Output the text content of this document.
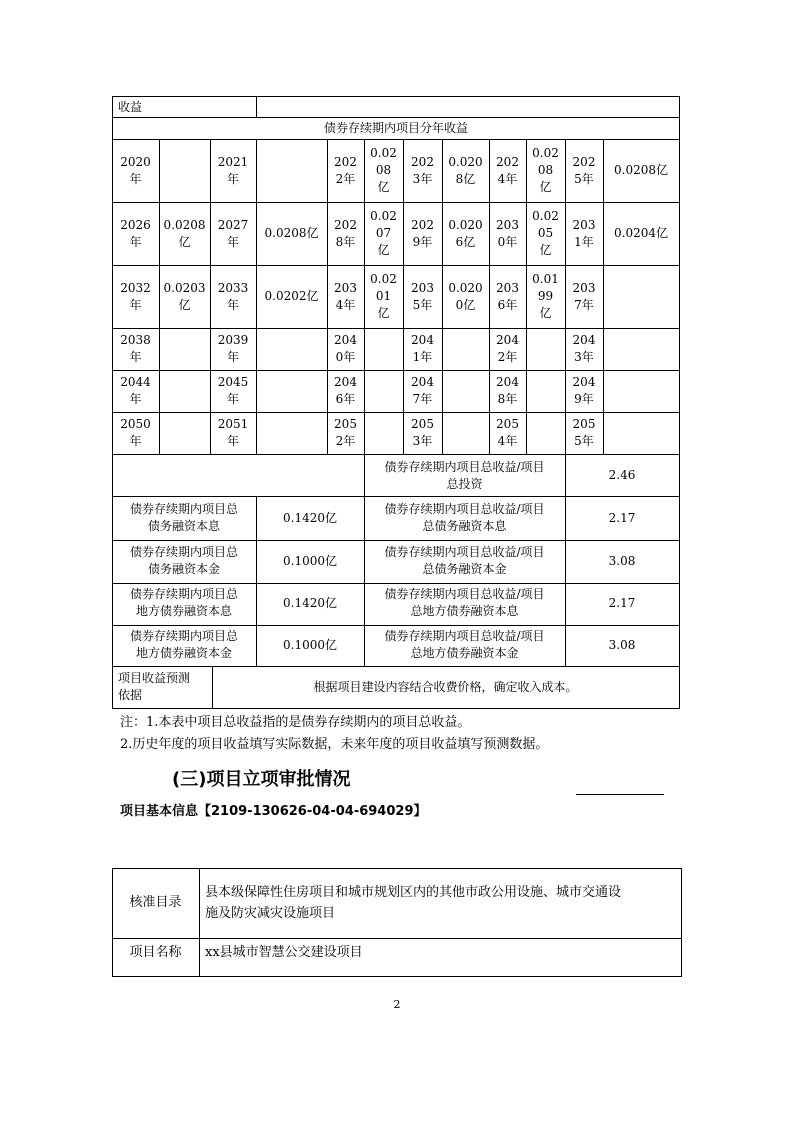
收益
债券存续期内项目分年收益
2020
年
2021
年
202
2年
0.02
08
亿
202
3年
0.020
8亿
202
4年
0.02
08
亿
202
5年
0.0208亿
2026
年
0.0208
亿
2027
年
0.0208亿
202
8年
0.02
07
亿
202
9年
0.020
6亿
203
0年
0.02
05
亿
203
1年
0.0204亿
2032
年
0.0203
亿
2033
年
0.0202亿
203
4年
0.02
01
亿
203
5年
0.020
0亿
203
6年
0.01
99
亿
203
7年
2038
年
2039
年
204
0年
204
1年
204
2年
204
3年
2044
年
2045
年
204
6年
204
7年
204
8年
204
9年
2050
年
2051
年
205
2年
205
3年
205
4年
205
5年
债券存续期内项目总收益/项目
总投资
2.46
债券存续期内项目总
债务融资本息
0.1420亿
债券存续期内项目总收益/项目
总债务融资本息
2.17
债券存续期内项目总
债务融资本金
0.1000亿
债券存续期内项目总收益/项目
总债务融资本金
3.08
债券存续期内项目总
地方债券融资本息
0.1420亿
债券存续期内项目总收益/项目
总地方债券融资本息
2.17
债券存续期内项目总
地方债券融资本金
0.1000亿
债券存续期内项目总收益/项目
总地方债券融资本金
3.08
项目收益预测
依据
根据项目建设内容结合收费价格，确定收入成本。
注：1.本表中项目总收益指的是债券存续期内的项目总收益。
2.历史年度的项目收益填写实际数据，未来年度的项目收益填写预测数据。
(三)项目立项审批情况
项目基本信息【2109-130626-04-04-694029】
核准目录
县本级保障性住房项目和城市规划区内的其他市政公用设施、城市交通设
施及防灾减灾设施项目
项目名称	xx县城市智慧公交建设项目
2
